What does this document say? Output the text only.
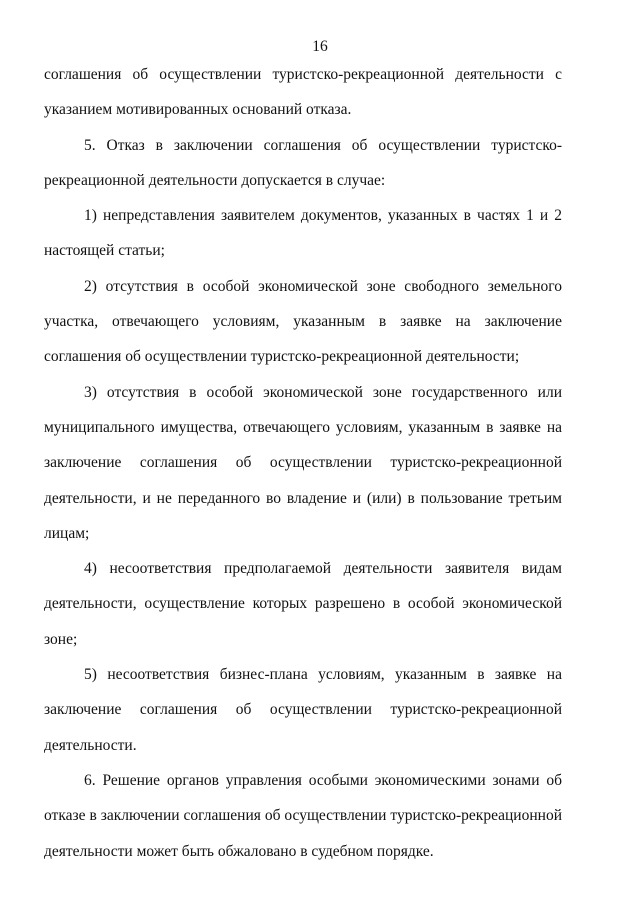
16

соглашения об осуществлении туристско-рекреационной деятельности с указанием мотивированных оснований отказа.

5. Отказ в заключении соглашения об осуществлении туристско-рекреационной деятельности допускается в случае:

1) непредставления заявителем документов, указанных в частях 1 и 2 настоящей статьи;

2) отсутствия в особой экономической зоне свободного земельного участка, отвечающего условиям, указанным в заявке на заключение соглашения об осуществлении туристско-рекреационной деятельности;

3) отсутствия в особой экономической зоне государственного или муниципального имущества, отвечающего условиям, указанным в заявке на заключение соглашения об осуществлении туристско-рекреационной деятельности, и не переданного во владение и (или) в пользование третьим лицам;

4) несоответствия предполагаемой деятельности заявителя видам деятельности, осуществление которых разрешено в особой экономической зоне;

5) несоответствия бизнес-плана условиям, указанным в заявке на заключение соглашения об осуществлении туристско-рекреационной деятельности.

6. Решение органов управления особыми экономическими зонами об отказе в заключении соглашения об осуществлении туристско-рекреационной деятельности может быть обжаловано в судебном порядке.
